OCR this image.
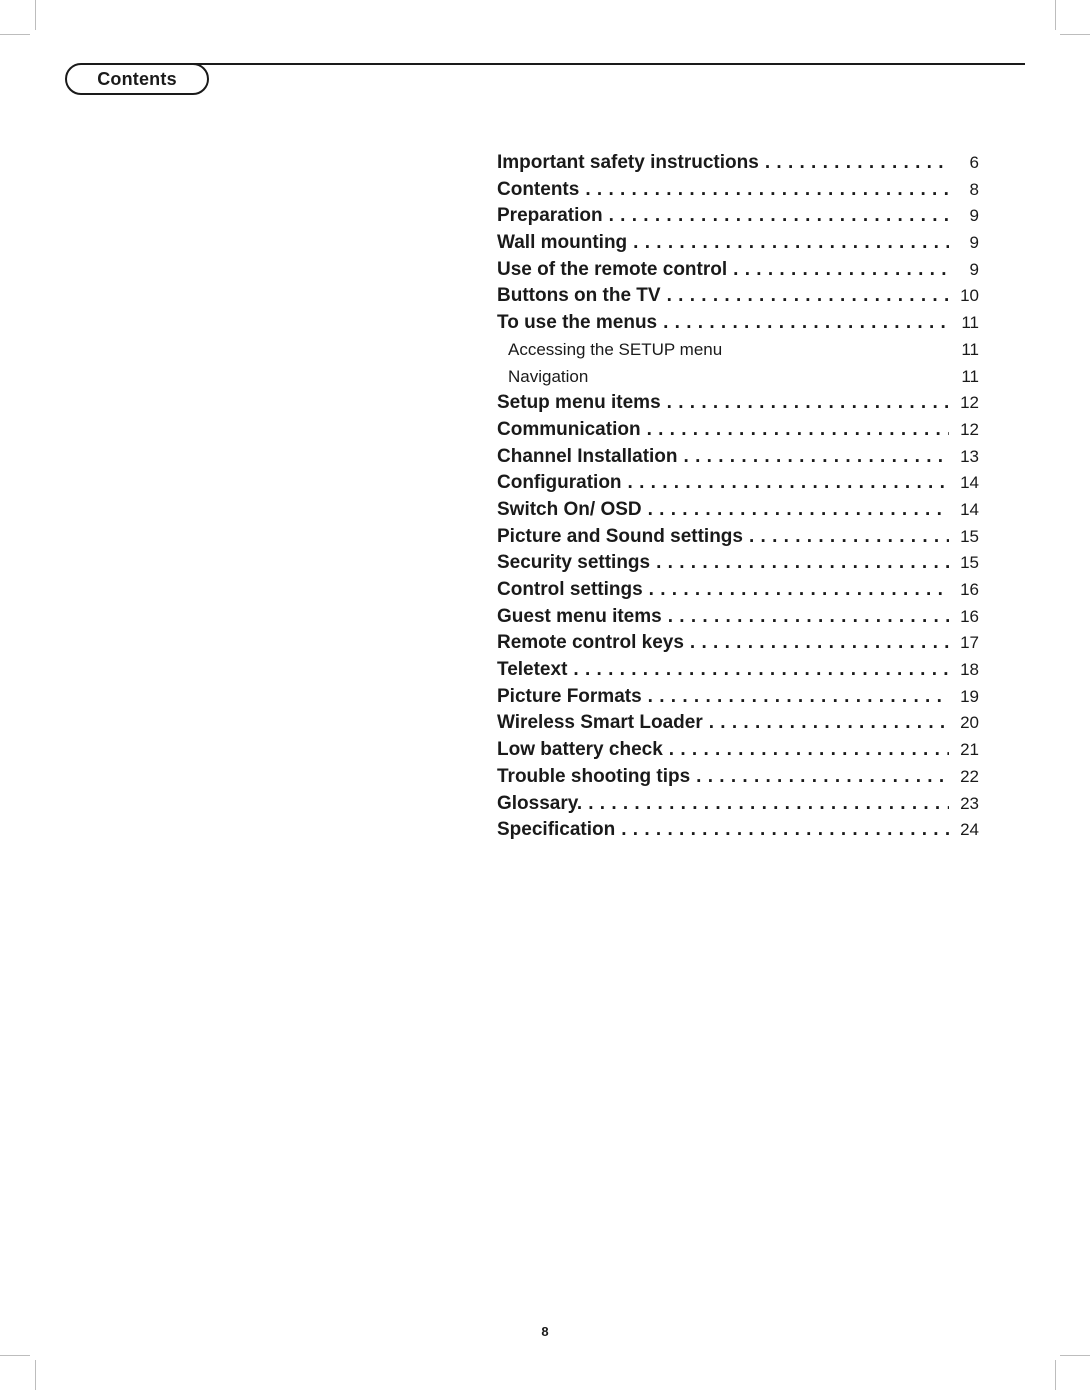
Contents
Important safety instructions . . .	6
Contents . . .	8
Preparation . . .	9
Wall mounting . . .	9
Use of the remote control . . .	9
Buttons on the TV . . .	10
To use the menus . . .	11
Accessing the SETUP menu	11
Navigation	11
Setup menu items . . .	12
Communication . . .	12
Channel Installation . . .	13
Configuration . . .	14
Switch On/ OSD . . .	14
Picture and Sound settings . . .	15
Security settings . . .	15
Control settings . . .	16
Guest menu items . . .	16
Remote control keys . . .	17
Teletext . . .	18
Picture Formats . . .	19
Wireless Smart Loader . . .	20
Low battery check . . .	21
Trouble shooting tips . . .	22
Glossary. . . .	23
Specification . . .	24
8
